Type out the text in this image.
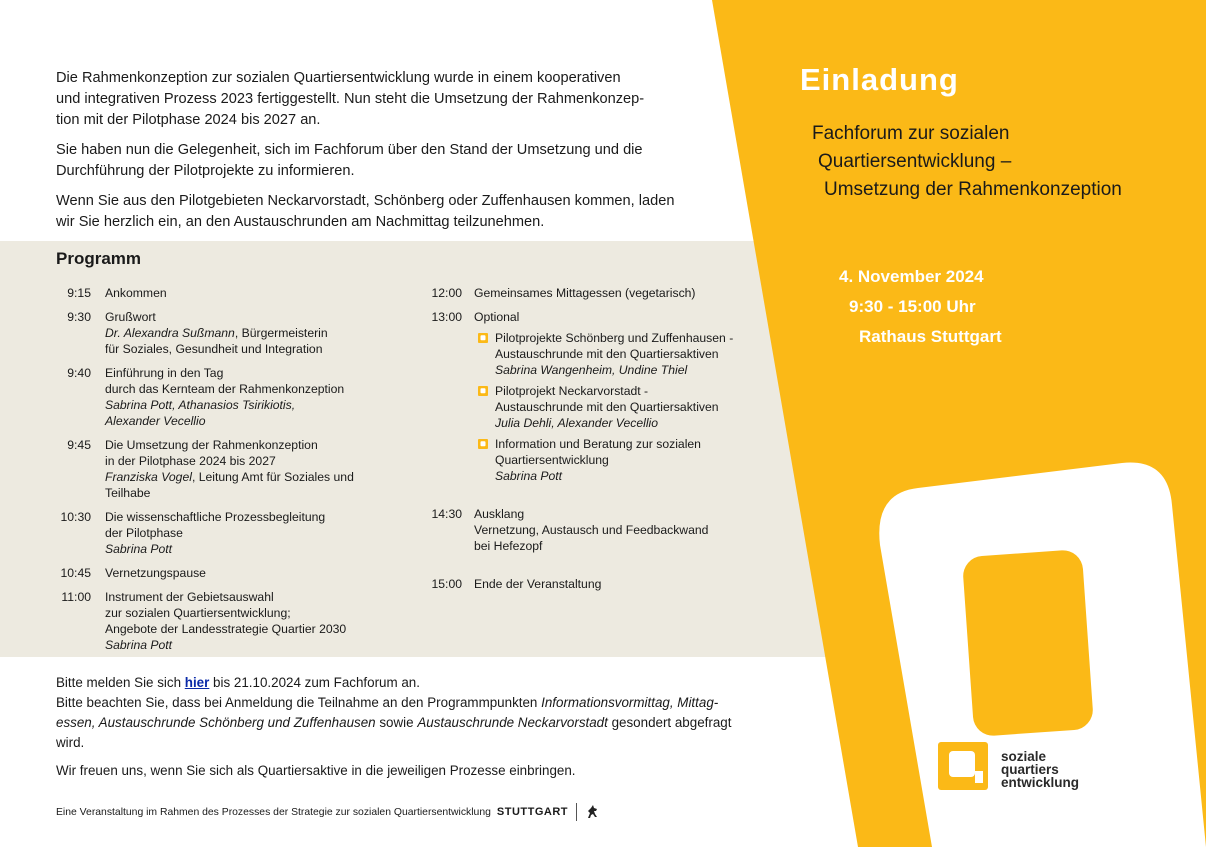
Die Rahmenkonzeption zur sozialen Quartiersentwicklung wurde in einem kooperativen
und integrativen Prozess 2023 fertiggestellt. Nun steht die Umsetzung der Rahmenkonzep-
tion mit der Pilotphase 2024 bis 2027 an.

Sie haben nun die Gelegenheit, sich im Fachforum über den Stand der Umsetzung und die
Durchführung der Pilotprojekte zu informieren.

Wenn Sie aus den Pilotgebieten Neckarvorstadt, Schönberg oder Zuffenhausen kommen, laden
wir Sie herzlich ein, an den Austauschrunden am Nachmittag teilzunehmen.

Programm
9:15 Ankommen
9:30 Grußwort
Dr. Alexandra Sußmann, Bürgermeisterin
für Soziales, Gesundheit und Integration
9:40 Einführung in den Tag
durch das Kernteam der Rahmenkonzeption
Sabrina Pott, Athanasios Tsirikiotis,
Alexander Vecellio
9:45 Die Umsetzung der Rahmenkonzeption
in der Pilotphase 2024 bis 2027
Franziska Vogel, Leitung Amt für Soziales und
Teilhabe
10:30 Die wissenschaftliche Prozessbegleitung
der Pilotphase
Sabrina Pott
10:45 Vernetzungspause
11:00 Instrument der Gebietsauswahl
zur sozialen Quartiersentwicklung;
Angebote der Landesstrategie Quartier 2030
Sabrina Pott
12:00 Gemeinsames Mittagessen (vegetarisch)
13:00 Optional
Pilotprojekte Schönberg und Zuffenhausen -
Austauschrunde mit den Quartiersaktiven
Sabrina Wangenheim, Undine Thiel
Pilotprojekt Neckarvorstadt -
Austauschrunde mit den Quartiersaktiven
Julia Dehli, Alexander Vecellio
Information und Beratung zur sozialen
Quartiersentwicklung
Sabrina Pott
14:30 Ausklang
Vernetzung, Austausch und Feedbackwand
bei Hefezopf
15:00 Ende der Veranstaltung

Bitte melden Sie sich hier bis 21.10.2024 zum Fachforum an.
Bitte beachten Sie, dass bei Anmeldung die Teilnahme an den Programmpunkten Informationsvormittag, Mittag-
essen, Austauschrunde Schönberg und Zuffenhausen sowie Austauschrunde Neckarvorstadt gesondert abgefragt
wird.

Wir freuen uns, wenn Sie sich als Quartiersaktive in die jeweiligen Prozesse einbringen.

Eine Veranstaltung im Rahmen des Prozesses der Strategie zur sozialen Quartiersentwicklung STUTTGART
Einladung
Fachforum zur sozialen
Quartiersentwicklung –
Umsetzung der Rahmenkonzeption
4. November 2024
9:30 - 15:00 Uhr
Rathaus Stuttgart
soziale
quartiers
entwicklung
